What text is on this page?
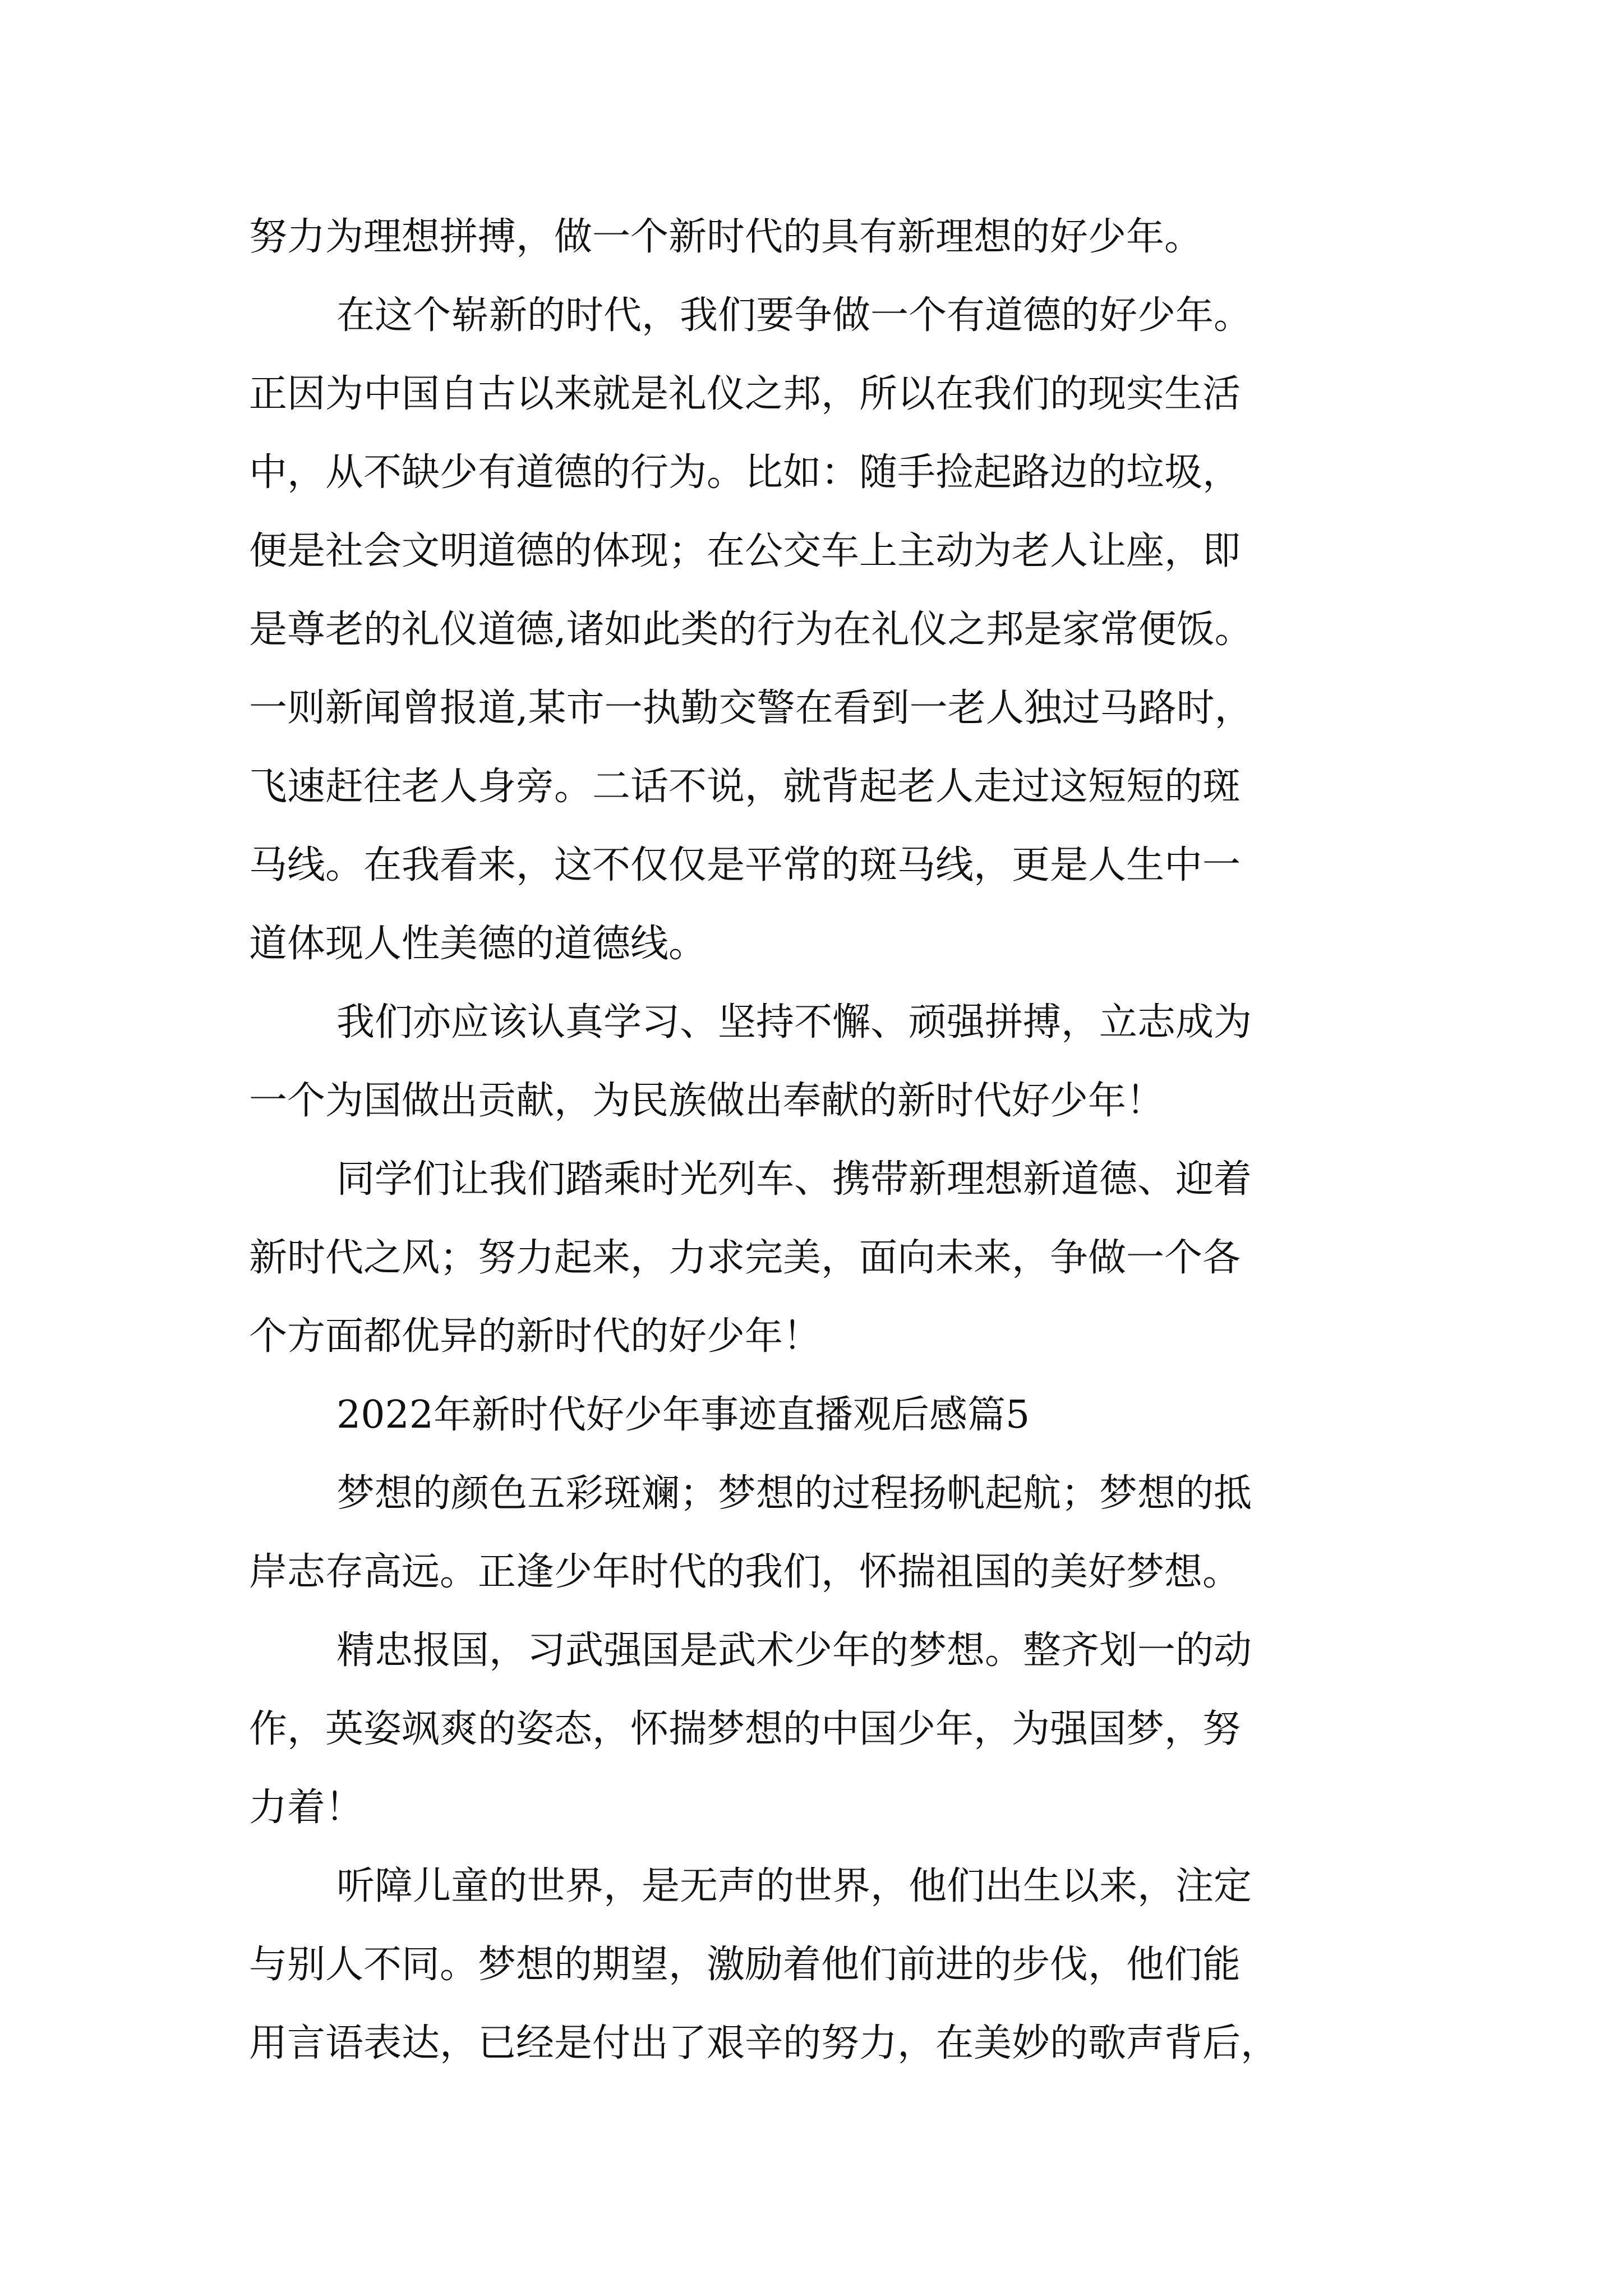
努力为理想拼搏，做一个新时代的具有新理想的好少年。
在这个崭新的时代，我们要争做一个有道德的好少年。
正因为中国自古以来就是礼仪之邦，所以在我们的现实生活
中，从不缺少有道德的行为。比如：随手捡起路边的垃圾，
便是社会文明道德的体现；在公交车上主动为老人让座，即
是尊老的礼仪道德,诸如此类的行为在礼仪之邦是家常便饭。
一则新闻曾报道,某市一执勤交警在看到一老人独过马路时，
飞速赶往老人身旁。二话不说，就背起老人走过这短短的斑
马线。在我看来，这不仅仅是平常的斑马线，更是人生中一
道体现人性美德的道德线。
我们亦应该认真学习、坚持不懈、顽强拼搏，立志成为
一个为国做出贡献，为民族做出奉献的新时代好少年！
同学们让我们踏乘时光列车、携带新理想新道德、迎着
新时代之风；努力起来，力求完美，面向未来，争做一个各
个方面都优异的新时代的好少年！
2022年新时代好少年事迹直播观后感篇5
梦想的颜色五彩斑斓；梦想的过程扬帆起航；梦想的抵
岸志存高远。正逢少年时代的我们，怀揣祖国的美好梦想。
精忠报国，习武强国是武术少年的梦想。整齐划一的动
作，英姿飒爽的姿态，怀揣梦想的中国少年，为强国梦，努
力着！
听障儿童的世界，是无声的世界，他们出生以来，注定
与别人不同。梦想的期望，激励着他们前进的步伐，他们能
用言语表达，已经是付出了艰辛的努力，在美妙的歌声背后，
